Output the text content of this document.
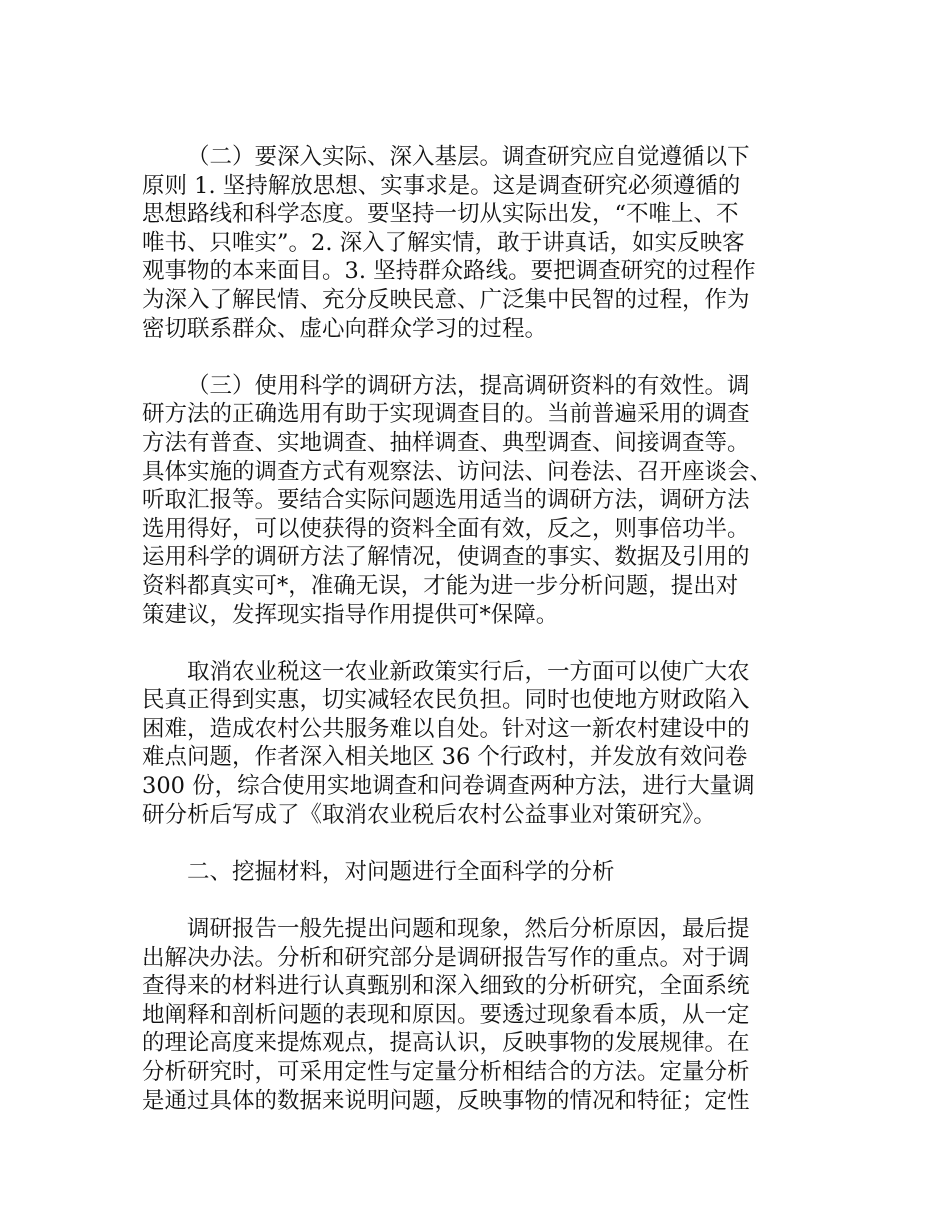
（二）要深入实际、深入基层。调查研究应自觉遵循以下
原则 1. 坚持解放思想、实事求是。这是调查研究必须遵循的
思想路线和科学态度。要坚持一切从实际出发，“不唯上、不
唯书、只唯实”。2. 深入了解实情，敢于讲真话，如实反映客
观事物的本来面目。3. 坚持群众路线。要把调查研究的过程作
为深入了解民情、充分反映民意、广泛集中民智的过程，作为
密切联系群众、虚心向群众学习的过程。

（三）使用科学的调研方法，提高调研资料的有效性。调
研方法的正确选用有助于实现调查目的。当前普遍采用的调查
方法有普查、实地调查、抽样调查、典型调查、间接调查等。
具体实施的调查方式有观察法、访问法、问卷法、召开座谈会、
听取汇报等。要结合实际问题选用适当的调研方法，调研方法
选用得好，可以使获得的资料全面有效，反之，则事倍功半。
运用科学的调研方法了解情况，使调查的事实、数据及引用的
资料都真实可*，准确无误，才能为进一步分析问题，提出对
策建议，发挥现实指导作用提供可*保障。

取消农业税这一农业新政策实行后，一方面可以使广大农
民真正得到实惠，切实减轻农民负担。同时也使地方财政陷入
困难，造成农村公共服务难以自处。针对这一新农村建设中的
难点问题，作者深入相关地区 36 个行政村，并发放有效问卷
300 份，综合使用实地调查和问卷调查两种方法，进行大量调
研分析后写成了《取消农业税后农村公益事业对策研究》。

二、挖掘材料，对问题进行全面科学的分析

调研报告一般先提出问题和现象，然后分析原因，最后提
出解决办法。分析和研究部分是调研报告写作的重点。对于调
查得来的材料进行认真甄别和深入细致的分析研究，全面系统
地阐释和剖析问题的表现和原因。要透过现象看本质，从一定
的理论高度来提炼观点，提高认识，反映事物的发展规律。在
分析研究时，可采用定性与定量分析相结合的方法。定量分析
是通过具体的数据来说明问题，反映事物的情况和特征；定性
